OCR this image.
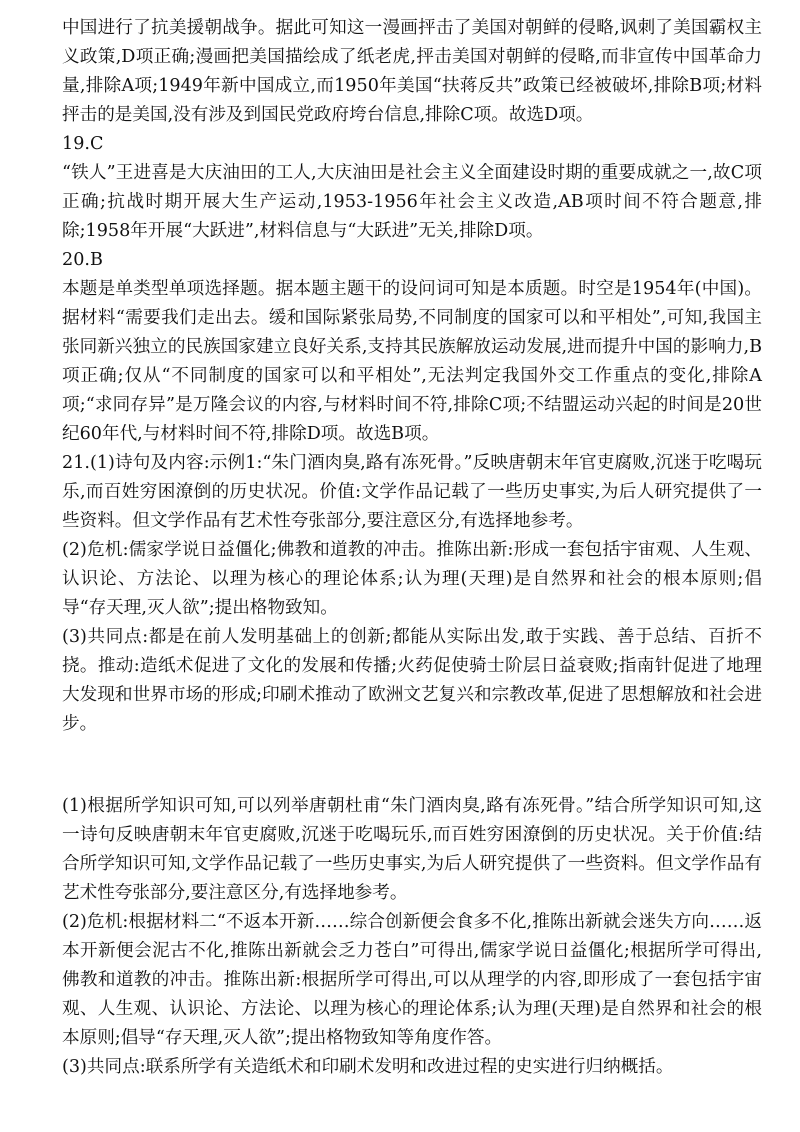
中国进行了抗美援朝战争。据此可知这一漫画抨击了美国对朝鲜的侵略,讽刺了美国霸权主义政策,D项正确;漫画把美国描绘成了纸老虎,抨击美国对朝鲜的侵略,而非宣传中国革命力量,排除A项;1949年新中国成立,而1950年美国“扶蒋反共”政策已经被破坏,排除B项;材料抨击的是美国,没有涉及到国民党政府垮台信息,排除C项。故选D项。

19.C

“铁人”王进喜是大庆油田的工人,大庆油田是社会主义全面建设时期的重要成就之一,故C项正确;抗战时期开展大生产运动,1953-1956年社会主义改造,AB项时间不符合题意,排除;1958年开展“大跃进”,材料信息与“大跃进”无关,排除D项。

20.B

本题是单类型单项选择题。据本题主题干的设问词可知是本质题。时空是1954年(中国)。据材料“需要我们走出去。缓和国际紧张局势,不同制度的国家可以和平相处”,可知,我国主张同新兴独立的民族国家建立良好关系,支持其民族解放运动发展,进而提升中国的影响力,B项正确;仅从“不同制度的国家可以和平相处”,无法判定我国外交工作重点的变化,排除A项;“求同存异”是万隆会议的内容,与材料时间不符,排除C项;不结盟运动兴起的时间是20世纪60年代,与材料时间不符,排除D项。故选B项。

21.(1)诗句及内容:示例1:“朱门酒肉臭,路有冻死骨。”反映唐朝末年官吏腐败,沉迷于吃喝玩乐,而百姓穷困潦倒的历史状况。价值:文学作品记载了一些历史事实,为后人研究提供了一些资料。但文学作品有艺术性夸张部分,要注意区分,有选择地参考。

(2)危机:儒家学说日益僵化;佛教和道教的冲击。推陈出新:形成一套包括宇宙观、人生观、认识论、方法论、以理为核心的理论体系;认为理(天理)是自然界和社会的根本原则;倡导“存天理,灭人欲”;提出格物致知。

(3)共同点:都是在前人发明基础上的创新;都能从实际出发,敢于实践、善于总结、百折不挠。推动:造纸术促进了文化的发展和传播;火药促使骑士阶层日益衰败;指南针促进了地理大发现和世界市场的形成;印刷术推动了欧洲文艺复兴和宗教改革,促进了思想解放和社会进步。

(1)根据所学知识可知,可以列举唐朝杜甫“朱门酒肉臭,路有冻死骨。”结合所学知识可知,这一诗句反映唐朝末年官吏腐败,沉迷于吃喝玩乐,而百姓穷困潦倒的历史状况。关于价值:结合所学知识可知,文学作品记载了一些历史事实,为后人研究提供了一些资料。但文学作品有艺术性夸张部分,要注意区分,有选择地参考。

(2)危机:根据材料二“不返本开新……综合创新便会食多不化,推陈出新就会迷失方向……返本开新便会泥古不化,推陈出新就会乏力苍白”可得出,儒家学说日益僵化;根据所学可得出,佛教和道教的冲击。推陈出新:根据所学可得出,可以从理学的内容,即形成了一套包括宇宙观、人生观、认识论、方法论、以理为核心的理论体系;认为理(天理)是自然界和社会的根本原则;倡导“存天理,灭人欲”;提出格物致知等角度作答。

(3)共同点:联系所学有关造纸术和印刷术发明和改进过程的史实进行归纳概括。
